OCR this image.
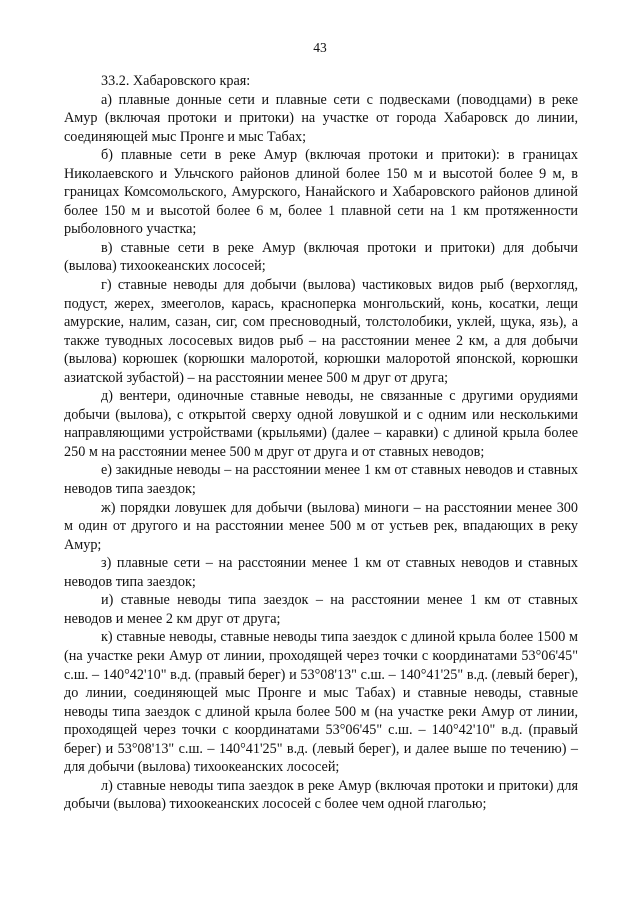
43

33.2. Хабаровского края:

а) плавные донные сети и плавные сети с подвесками (поводцами) в реке Амур (включая протоки и притоки) на участке от города Хабаровск до линии, соединяющей мыс Пронге и мыс Табах;

б) плавные сети в реке Амур (включая протоки и притоки): в границах Николаевского и Ульчского районов длиной более 150 м и высотой более 9 м, в границах Комсомольского, Амурского, Нанайского и Хабаровского районов длиной более 150 м и высотой более 6 м, более 1 плавной сети на 1 км протяженности рыболовного участка;

в) ставные сети в реке Амур (включая протоки и притоки) для добычи (вылова) тихоокеанских лососей;

г) ставные неводы для добычи (вылова) частиковых видов рыб (верхогляд, подуст, жерех, змееголов, карась, красноперка монгольский, конь, косатки, лещи амурские, налим, сазан, сиг, сом пресноводный, толстолобики, уклей, щука, язь), а также туводных лососевых видов рыб – на расстоянии менее 2 км, а для добычи (вылова) корюшек (корюшки малоротой, корюшки малоротой японской, корюшки азиатской зубастой) – на расстоянии менее 500 м друг от друга;

д) вентери, одиночные ставные неводы, не связанные с другими орудиями добычи (вылова), с открытой сверху одной ловушкой и с одним или несколькими направляющими устройствами (крыльями) (далее – каравки) с длиной крыла более 250 м на расстоянии менее 500 м друг от друга и от ставных неводов;

е) закидные неводы – на расстоянии менее 1 км от ставных неводов и ставных неводов типа заездок;

ж) порядки ловушек для добычи (вылова) миноги – на расстоянии менее 300 м один от другого и на расстоянии менее 500 м от устьев рек, впадающих в реку Амур;

з) плавные сети – на расстоянии менее 1 км от ставных неводов и ставных неводов типа заездок;

и) ставные неводы типа заездок – на расстоянии менее 1 км от ставных неводов и менее 2 км друг от друга;

к) ставные неводы, ставные неводы типа заездок с длиной крыла более 1500 м (на участке реки Амур от линии, проходящей через точки с координатами 53°06'45" с.ш. – 140°42'10" в.д. (правый берег) и 53°08'13" с.ш. – 140°41'25" в.д. (левый берег), до линии, соединяющей мыс Пронге и мыс Табах) и ставные неводы, ставные неводы типа заездок с длиной крыла более 500 м (на участке реки Амур от линии, проходящей через точки с координатами 53°06'45" с.ш. – 140°42'10" в.д. (правый берег) и 53°08'13" с.ш. – 140°41'25" в.д. (левый берег), и далее выше по течению) – для добычи (вылова) тихоокеанских лососей;

л) ставные неводы типа заездок в реке Амур (включая протоки и притоки) для добычи (вылова) тихоокеанских лососей с более чем одной глаголью;
